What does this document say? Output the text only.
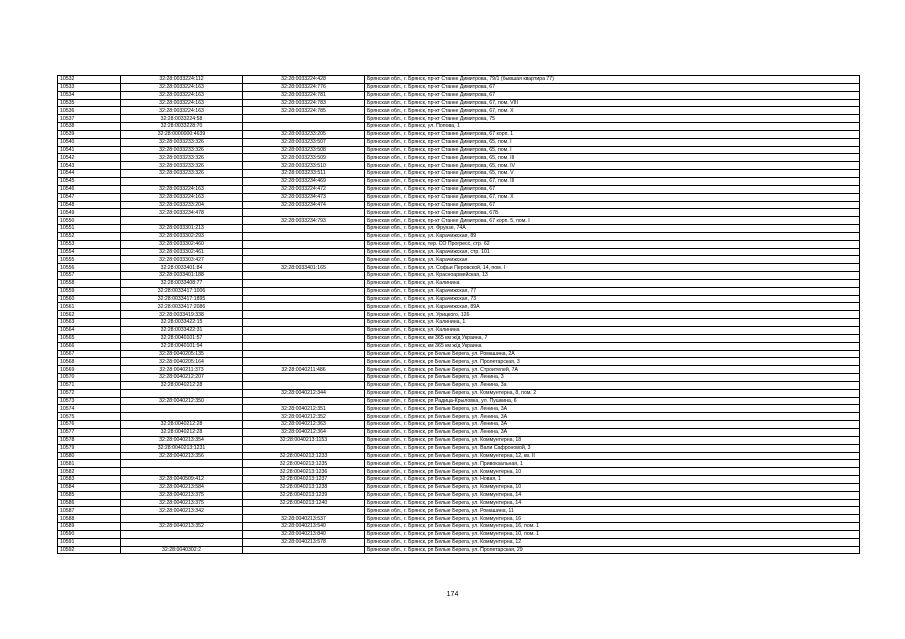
10532	32:28:0033224:112	32:28:0033224:428	Брянская обл., г. Брянск, пр-кт Станке Димитрова, 79/1 (бывшая квартира 77)
10533	32:28:0033224:163	32:28:0033224:776	Брянская обл., г. Брянск, пр-кт Станке Димитрова, 67
10534	32:28:0033224:163	32:28:0033224:781	Брянская обл., г. Брянск, пр-кт Станке Димитрова, 67
10535	32:28:0033224:163	32:28:0033224:783	Брянская обл., г. Брянск, пр-кт Станке Димитрова, 67, пом. VIII
10536	32:28:0033224:163	32:28:0033224:785	Брянская обл., г. Брянск, пр-кт Станке Димитрова, 67, пом. X
10537	32:28:0033224:58		Брянская обл., г. Брянск, пр-кт Станке Димитрова, 75
10538	32:28:0033228:70		Брянская обл., г. Брянск, ул. Попова, 1
10539	32:28:0000000:4639	32:28:0033233:205	Брянская обл., г. Брянск, пр-кт Станке Димитрова, 67 корп. 1
10540	32:28:0033233:326	32:28:0033233:507	Брянская обл., г. Брянск, пр-кт Станке Димитрова, 65, пом. I
10541	32:28:0033233:326	32:28:0033233:508	Брянская обл., г. Брянск, пр-кт Станке Димитрова, 65, пом. I
10542	32:28:0033233:326	32:28:0033233:509	Брянская обл., г. Брянск, пр-кт Станке Димитрова, 65, пом. III
10543	32:28:0033233:326	32:28:0033233:510	Брянская обл., г. Брянск, пр-кт Станке Димитрова, 65, пом. IV
10544	32:28:0033233:326	32:28:0033233:511	Брянская обл., г. Брянск, пр-кт Станке Димитрова, 65, пом. V
10545		32:28:0033234:469	Брянская обл., г. Брянск, пр-кт Станке Димитрова, 67, пом. III
10546	32:28:0033224:163	32:28:0033224:472	Брянская обл., г. Брянск, пр-кт Станке Димитрова, 67
10547	32:28:0033224:163	32:28:0033234:473	Брянская обл., г. Брянск, пр-кт Станке Димитрова, 67, пом. X
10548	32:28:0033233:204	32:28:0033234:474	Брянская обл., г. Брянск, пр-кт Станке Димитрова, 67
10549	32:28:0033234:478		Брянская обл., г. Брянск, пр-кт Станке Димитрова, 67Б
10550		32:28:0033234:793	Брянская обл., г. Брянск, пр-кт Станке Димитрова, 67 корп. 5, пом. I
10551	32:28:0033301:213		Брянская обл., г. Брянск, ул. Фрунзе, 74А
10552	32:28:0033302:293		Брянская обл., г. Брянск, ул. Карачижская, 89
10553	32:28:0033302:460		Брянская обл., г. Брянск, тер. СО Прогресс, стр. 62
10554	32:28:0033302:461		Брянская обл., г. Брянск, ул. Карачижская, стр. 101
10555	32:28:0033303:427		Брянская обл., г. Брянск, ул. Карачижская
10556	32:28:0033401:84	32:28:0033401:165	Брянская обл., г. Брянск, ул. Софьи Перовской, 14, пом. I
10557	32:28:0033401:188		Брянская обл., г. Брянск, ул. Красноармейская, 13
10558	32:28:0033408:77		Брянская обл., г. Брянск, ул. Калинина
10559	32:28:0033417:1006		Брянская обл., г. Брянск, ул. Карачижская, 77
10560	32:28:0033417:1895		Брянская обл., г. Брянск, ул. Карачижская, 73
10561	32:28:0033417:2086		Брянская обл., г. Брянск, ул. Карачижская, 89А
10562	32:28:0033419:338		Брянская обл., г. Брянск, ул. Урицкого, 126
10563	32:28:0033422:15		Брянская обл., г. Брянск, ул. Калинина, 1
10564	32:28:0033422:31		Брянская обл., г. Брянск, ул. Калинина
10565	32:28:0040101:57		Брянская обл., г. Брянск, км 365 км ж/д Украина, 7
10566	32:28:0040101:94		Брянская обл., г. Брянск, км 365 км ж/д Украина
10567	32:28:0040205:135		Брянская обл., г. Брянск, рп Белые Берега, ул. Ромашина, 2А
10568	32:28:0040205:164		Брянская обл., г. Брянск, рп Белые Берега, ул. Пролетарская, 3
10569	32:28:0040211:373	32:28:0040211:486	Брянская обл., г. Брянск, рп Белые Берега, ул. Строителей, 7А
10570	32:28:0040212:207		Брянская обл., г. Брянск, рп Белые Берега, ул. Ленина, 3
10571	32:28:0040212:28		Брянская обл., г. Брянск, рп Белые Берега, ул. Ленина, 3а
10572		32:28:0040212:344	Брянская обл., г. Брянск, рп Белые Берега, ул. Коммунтерна, 8, пом. 2
10573	32:28:0040212:350		Брянская обл., г. Брянск, рп Радица-Крыловка, ул. Пушкина, 6
10574		32:28:0040212:351	Брянская обл., г. Брянск, рп Белые Берега, ул. Ленина, 3А
10575		32:28:0040212:352	Брянская обл., г. Брянск, рп Белые Берега, ул. Ленина, 3А
10576	32:28:0040212:28	32:28:0040212:363	Брянская обл., г. Брянск, рп Белые Берега, ул. Ленина, 3А
10577	32:28:0040212:28	32:28:0040212:364	Брянская обл., г. Брянск, рп Белые Берега, ул. Ленина, 3А
10578	32:28:0040213:354	32:28:0040213:1153	Брянская обл., г. Брянск, рп Белые Берега, ул. Коммунтерна, 18
10579	32:28:0040213:1231		Брянская обл., г. Брянск, рп Белые Берега, ул. Вали Сафроновой, 3
10580	32:28:0040213:356	32:28:0040213:1233	Брянская обл., г. Брянск, рп Белые Берега, ул. Коммунтерна, 12, кв. II
10581		32:28:0040213:1235	Брянская обл., г. Брянск, рп Белые Берега, ул. Привокзальная, 1
10582		32:28:0040213:1236	Брянская обл., г. Брянск, рп Белые Берега, ул. Коммунтерна, 10
10583	32:28:0040509:412	32:28:0040213:1237	Брянская обл., г. Брянск, рп Белые Берега, ул. Новая, 1
10584	32:28:0040213:584	32:28:0040213:1238	Брянская обл., г. Брянск, рп Белые Берега, ул. Коммунтерна, 10
10585	32:28:0040213:375	32:28:0040213:1239	Брянская обл., г. Брянск, рп Белые Берега, ул. Коммунтерна, 14
10586	32:28:0040213:375	32:28:0040213:1240	Брянская обл., г. Брянск, рп Белые Берега, ул. Коммунтерна, 14
10587	32:28:0040213:342		Брянская обл., г. Брянск, рп Белые Берега, ул. Ромашина, 11
10588		32:28:0040213:537	Брянская обл., г. Брянск, рп Белые Берега, ул. Коммунтерна, 16
10589	32:28:0040213:352	32:28:0040213:540	Брянская обл., г. Брянск, рп Белые Берега, ул. Коммунтерна, 16, пом. 1
10590		32:28:0040213:840	Брянская обл., г. Брянск, рп Белые Берега, ул. Коммунтерна, 10, пом. 1
10591		32:28:0040213:578	Брянская обл., г. Брянск, рп Белые Берега, ул. Коммунтерна, 12
10592	32:28:0040302:2		Брянская обл., г. Брянск, рп Белые Берега, ул. Пролетарская, 29
174
